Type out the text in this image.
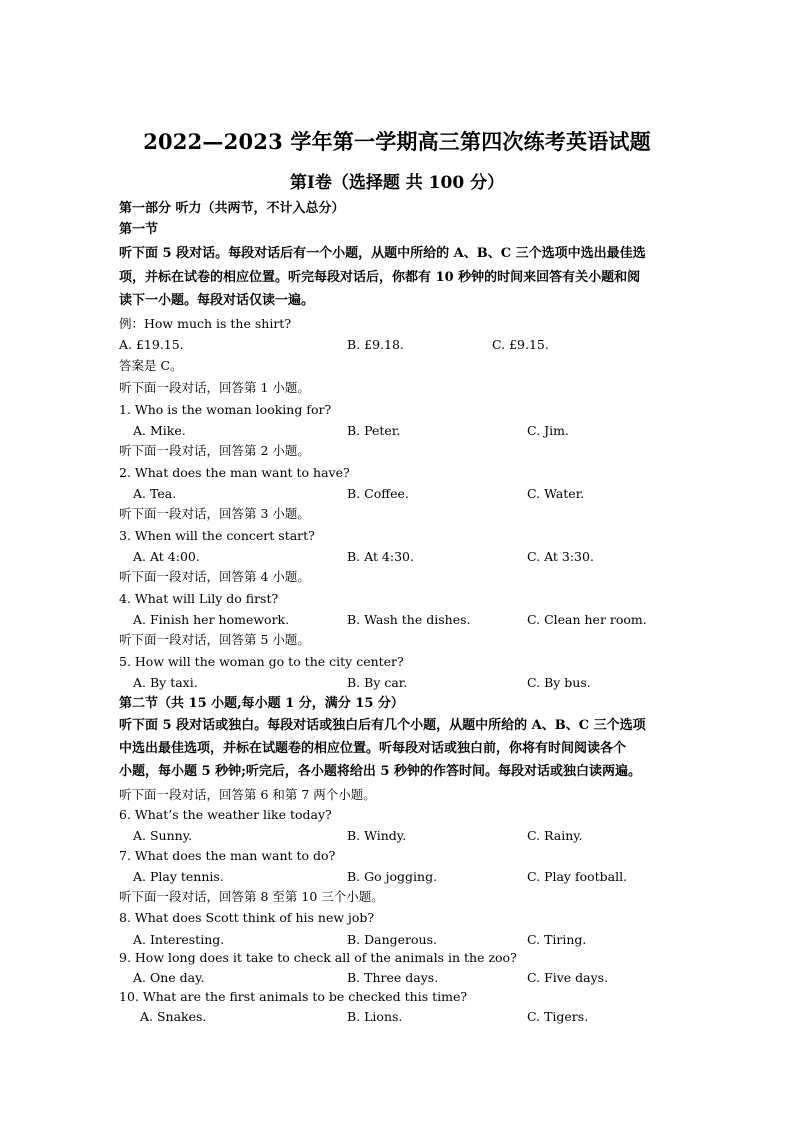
2022—2023 学年第一学期高三第四次练考英语试题
第Ⅰ卷（选择题 共 100 分）
第一部分 听力（共两节，不计入总分）
第一节
听下面 5 段对话。每段对话后有一个小题，从题中所给的 A、B、C 三个选项中选出最佳选
项，并标在试卷的相应位置。听完每段对话后，你都有 10 秒钟的时间来回答有关小题和阅
读下一小题。每段对话仅读一遍。
例：How much is the shirt?
A. £19.15.	B. £9.18.	C. £9.15.
答案是 C。
听下面一段对话，回答第 1 小题。
1. Who is the woman looking for?
A. Mike.	B. Peter.	C. Jim.
听下面一段对话，回答第 2 小题。
2. What does the man want to have?
A. Tea.	B. Coffee.	C. Water.
听下面一段对话，回答第 3 小题。
3. When will the concert start?
A. At 4:00.	B. At 4:30.	C. At 3:30.
听下面一段对话，回答第 4 小题。
4. What will Lily do first?
A. Finish her homework.	B. Wash the dishes.	C. Clean her room.
听下面一段对话，回答第 5 小题。
5. How will the woman go to the city center?
A. By taxi.	B. By car.	C. By bus.
第二节（共 15 小题,每小题 1 分，满分 15 分）
听下面 5 段对话或独白。每段对话或独白后有几个小题，从题中所给的 A、B、C 三个选项
中选出最佳选项，并标在试题卷的相应位置。听每段对话或独白前，你将有时间阅读各个
小题，每小题 5 秒钟;听完后，各小题将给出 5 秒钟的作答时间。每段对话或独白读两遍。
听下面一段对话，回答第 6 和第 7 两个小题。
6. What’s the weather like today?
A. Sunny.	B. Windy.	C. Rainy.
7. What does the man want to do?
A. Play tennis.	B. Go jogging.	C. Play football.
听下面一段对话，回答第 8 至第 10 三个小题。
8. What does Scott think of his new job?
A. Interesting.	B. Dangerous.	C. Tiring.
9. How long does it take to check all of the animals in the zoo?
A. One day.	B. Three days.	C. Five days.
10. What are the first animals to be checked this time?
A. Snakes.	B. Lions.	C. Tigers.
